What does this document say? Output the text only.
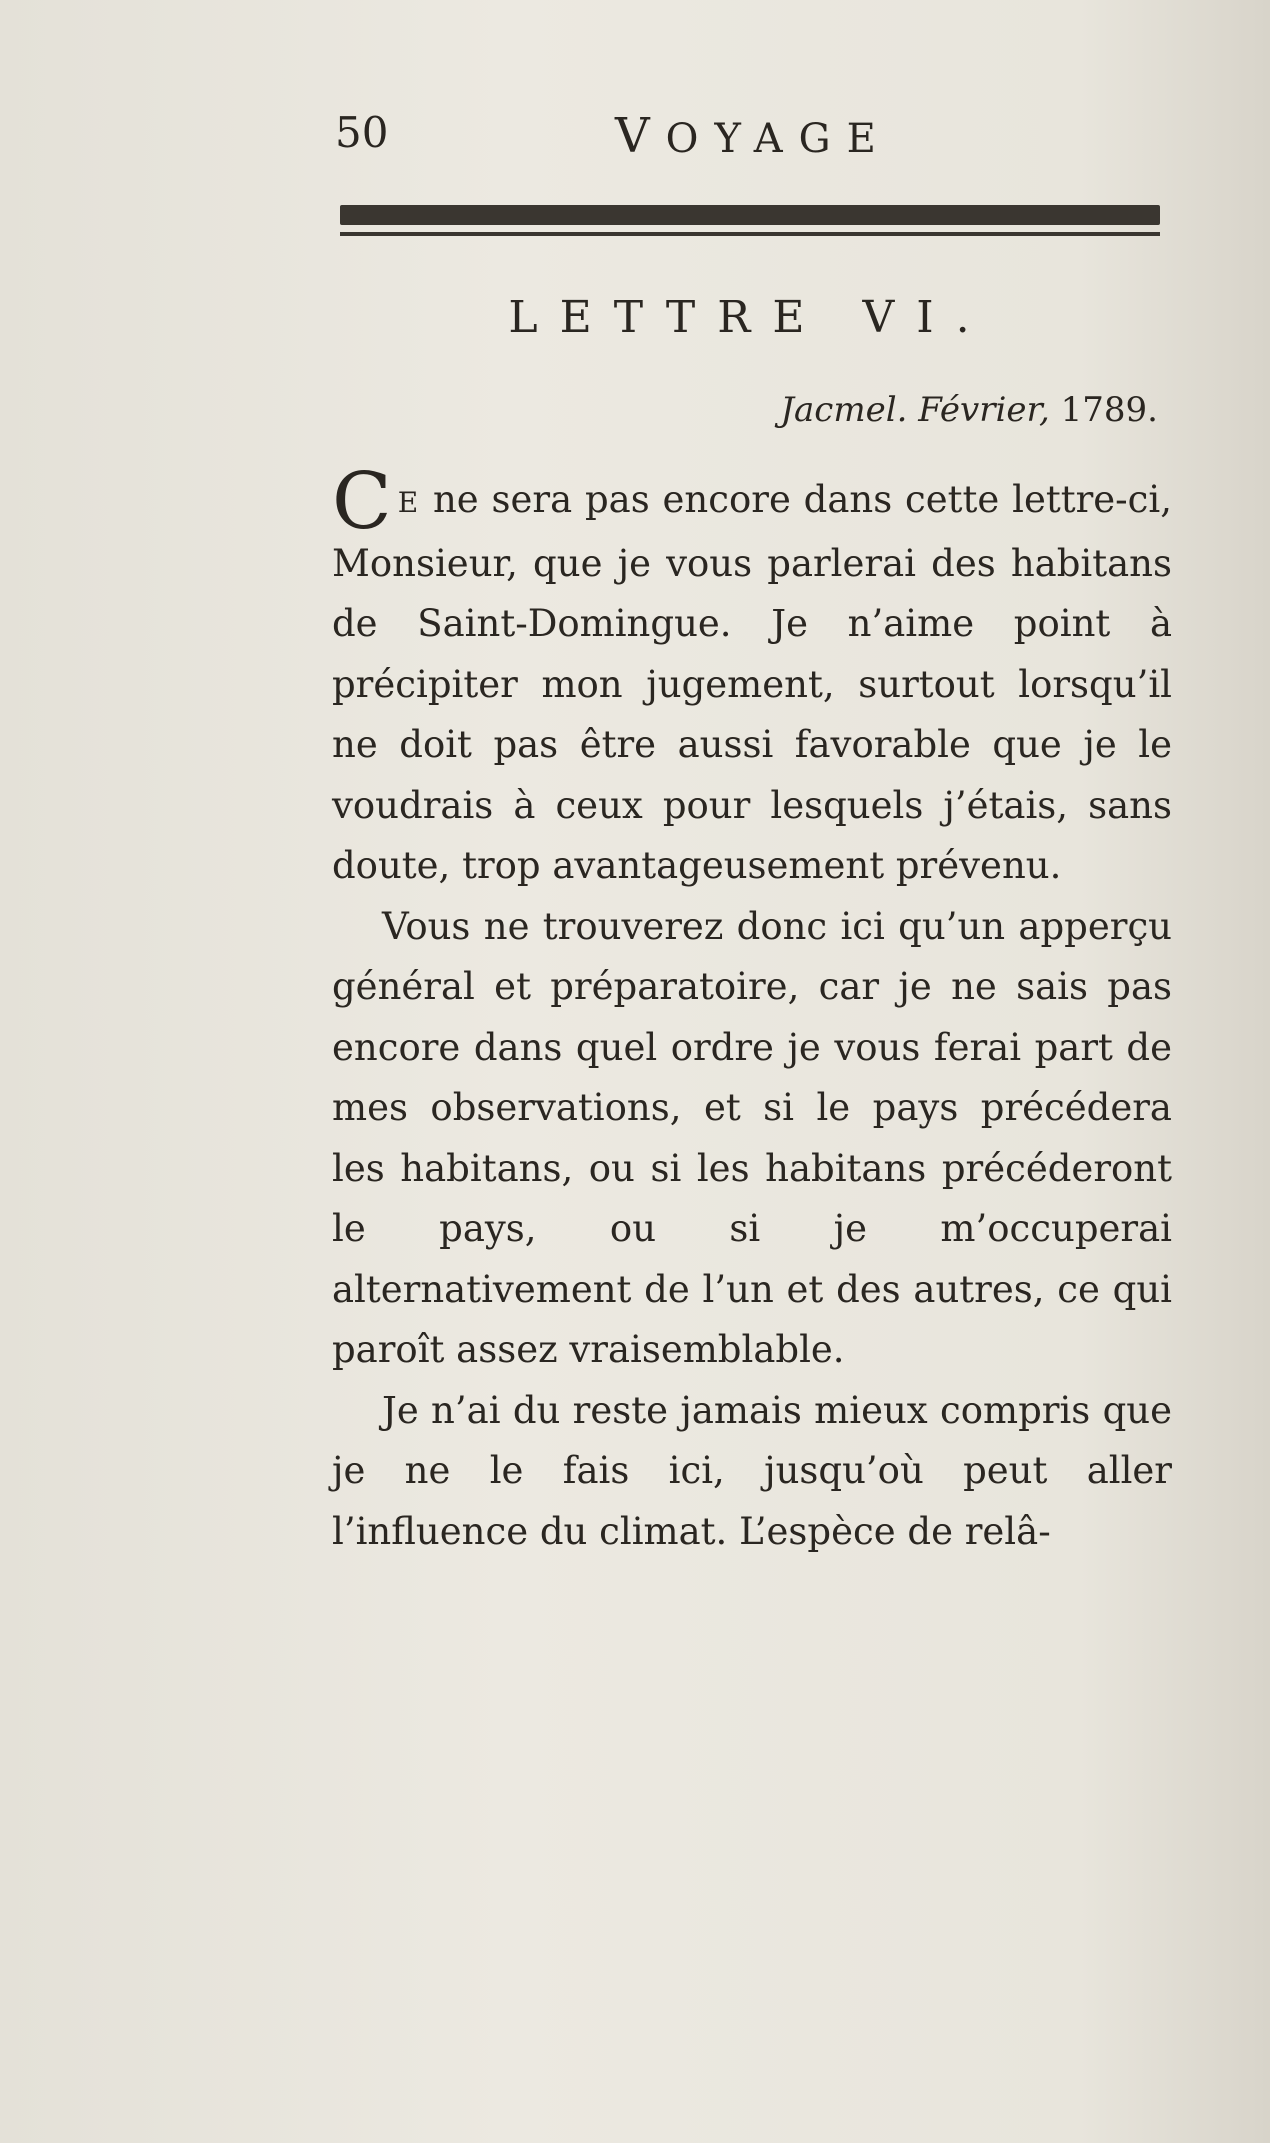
50	VOYAGE
LETTRE VI.
Jacmel. Février, 1789.

C E ne sera pas encore dans cette lettre-ci, Monsieur, que je vous parlerai des habitans de Saint-Domingue. Je n’aime point à précipiter mon jugement, surtout lorsqu’il ne doit pas être aussi favorable que je le voudrais à ceux pour lesquels j’étais, sans doute, trop avantageusement prévenu.

Vous ne trouverez donc ici qu’un apperçu général et préparatoire, car je ne sais pas encore dans quel ordre je vous ferai part de mes observations, et si le pays précédera les habitans, ou si les habitans précéderont le pays, ou si je m’occuperai alternativement de l’un et des autres, ce qui paroît assez vraisemblable.

Je n’ai du reste jamais mieux compris que je ne le fais ici, jusqu’où peut aller l’influence du climat. L’espèce de relâ-
